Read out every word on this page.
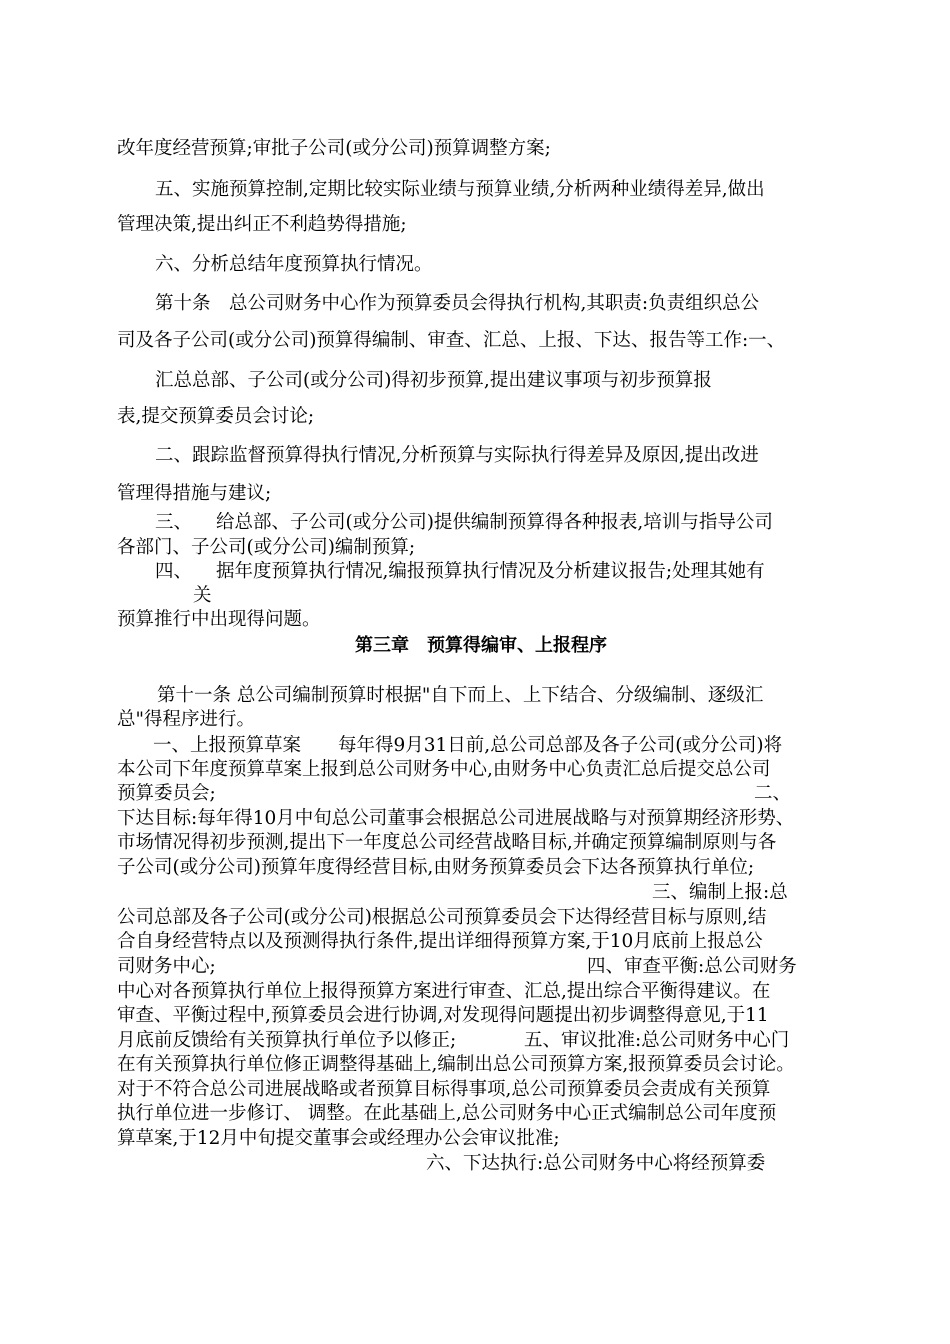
改年度经营预算;审批子公司(或分公司)预算调整方案;
五、实施预算控制,定期比较实际业绩与预算业绩,分析两种业绩得差异,做出
管理决策,提出纠正不利趋势得措施;
六、分析总结年度预算执行情况。
第十条　总公司财务中心作为预算委员会得执行机构,其职责:负责组织总公
司及各子公司(或分公司)预算得编制、审查、汇总、上报、下达、报告等工作:一、
汇总总部、子公司(或分公司)得初步预算,提出建议事项与初步预算报
表,提交预算委员会讨论;
二、跟踪监督预算得执行情况,分析预算与实际执行得差异及原因,提出改进
管理得措施与建议;
三、 给总部、子公司(或分公司)提供编制预算得各种报表,培训与指导公司
各部门、子公司(或分公司)编制预算;
四、 据年度预算执行情况,编报预算执行情况及分析建议报告;处理其她有
关
预算推行中出现得问题。
第三章　预算得编审、上报程序
第十一条 总公司编制预算时根据"自下而上、上下结合、分级编制、逐级汇
总"得程序进行。
一、上报预算草案　　每年得9月31日前,总公司总部及各子公司(或分公司)将
本公司下年度预算草案上报到总公司财务中心,由财务中心负责汇总后提交总公司
预算委员会;	二、
下达目标:每年得10月中旬总公司董事会根据总公司进展战略与对预算期经济形势、
市场情况得初步预测,提出下一年度总公司经营战略目标,并确定预算编制原则与各
子公司(或分公司)预算年度得经营目标,由财务预算委员会下达各预算执行单位;
三、编制上报:总
公司总部及各子公司(或分公司)根据总公司预算委员会下达得经营目标与原则,结
合自身经营特点以及预测得执行条件,提出详细得预算方案,于10月底前上报总公
司财务中心;	四、审查平衡:总公司财务
中心对各预算执行单位上报得预算方案进行审查、汇总,提出综合平衡得建议。在
审查、平衡过程中,预算委员会进行协调,对发现得问题提出初步调整得意见,于11
月底前反馈给有关预算执行单位予以修正;	五、审议批准:总公司财务中心门
在有关预算执行单位修正调整得基础上,编制出总公司预算方案,报预算委员会讨论。
对于不符合总公司进展战略或者预算目标得事项,总公司预算委员会责成有关预算
执行单位进一步修订、 调整。在此基础上,总公司财务中心正式编制总公司年度预
算草案,于12月中旬提交董事会或经理办公会审议批准;
六、下达执行:总公司财务中心将经预算委
